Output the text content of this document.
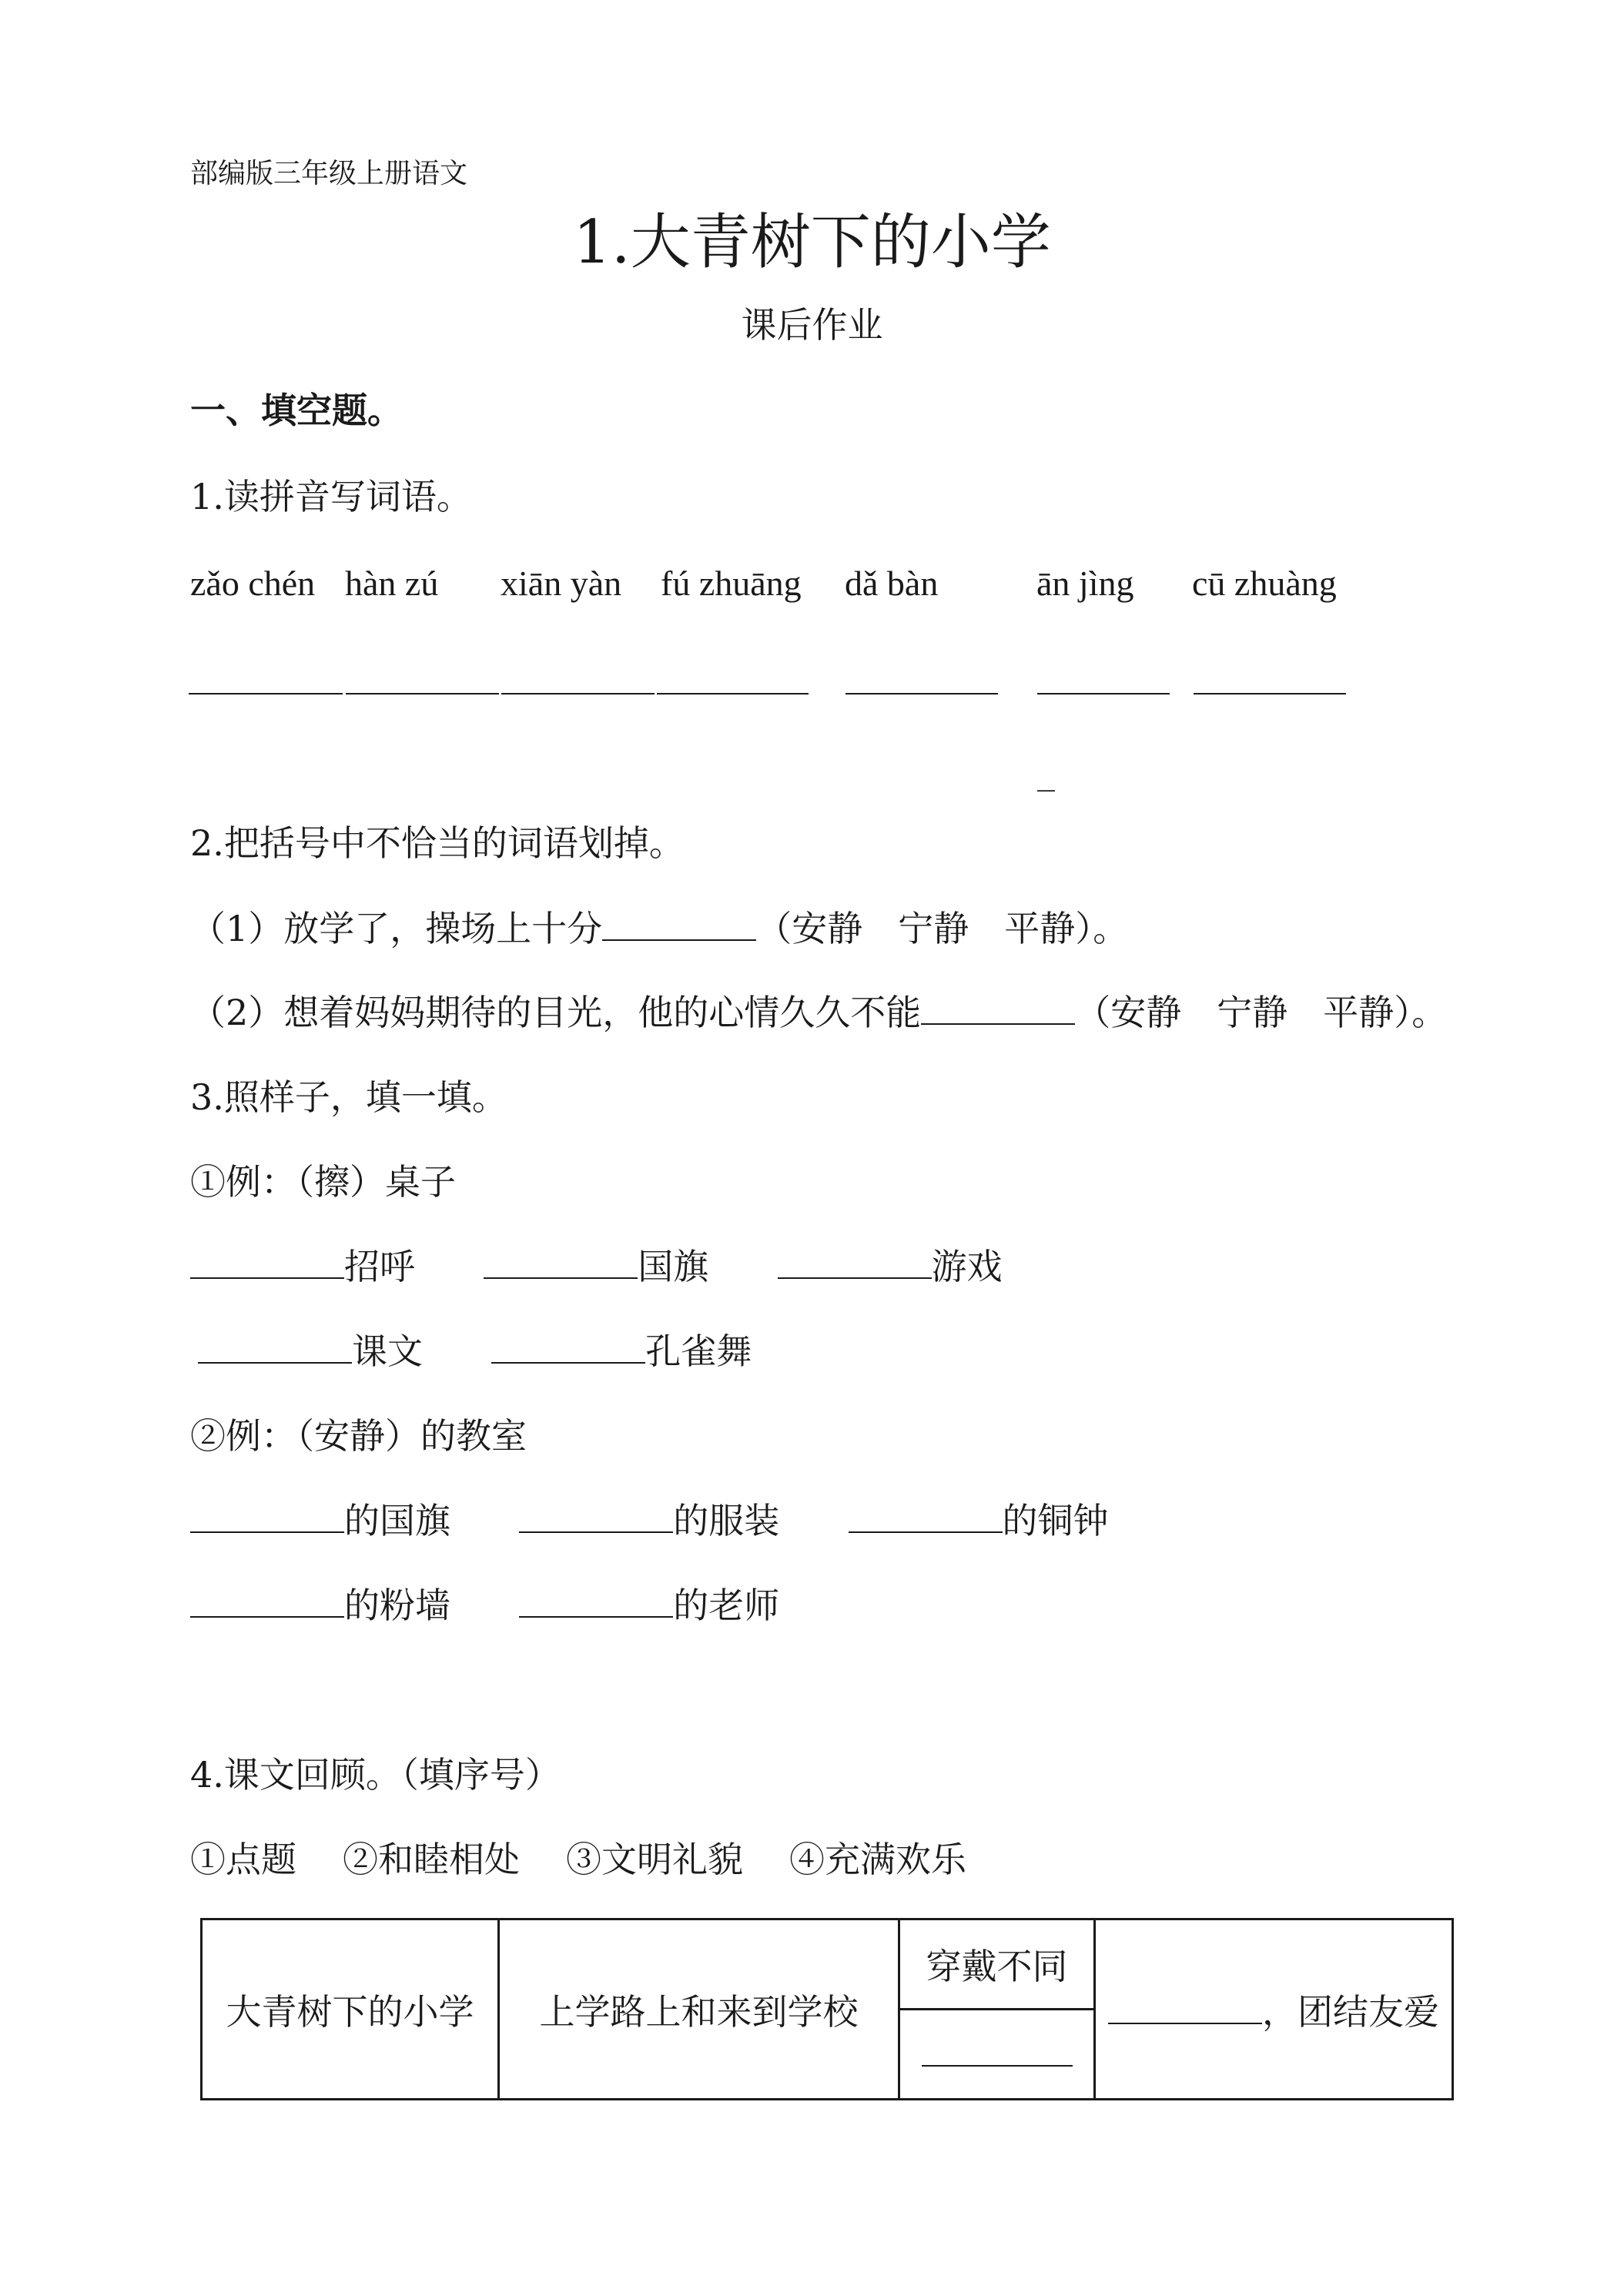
部编版三年级上册语文
1.大青树下的小学
课后作业
一、填空题。
1.读拼音写词语。
zǎo chén hàn zú xiān yàn fú zhuāng dǎ bàn	ān jìng cū zhuàng
_
2.把括号中不恰当的词语划掉。
（1）放学了，操场上十分	（安静　宁静　平静）。
（2）想着妈妈期待的目光，他的心情久久不能	（安静　宁静　平静）。
3.照样子，填一填。
①例：（擦）桌子
招呼	国旗	游戏
课文	孔雀舞
②例：（安静）的教室
的国旗	的服装	的铜钟
的粉墙	的老师
4.课文回顾。（填序号）
①点题 ②和睦相处 ③文明礼貌 ④充满欢乐
大青树下的小学	上学路上和来到学校	穿戴不同	，团结友爱
